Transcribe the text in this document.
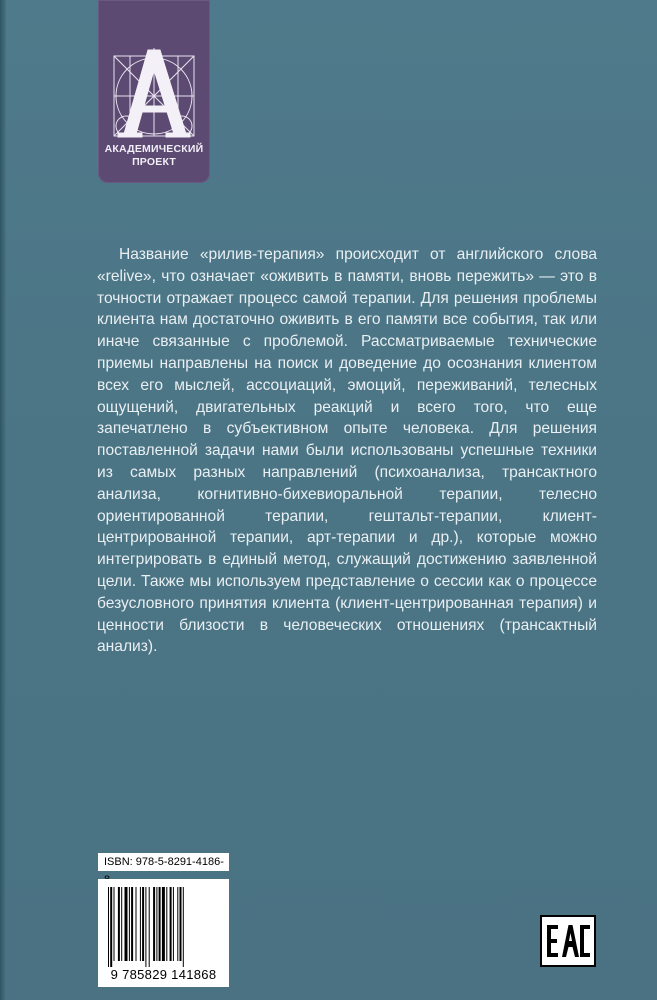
АКАДЕМИЧЕСКИЙ
ПРОЕКТ

Название «рилив-терапия» происходит от английского слова «relive», что означает «оживить в памяти, вновь пережить» — это в точности отражает процесс самой терапии. Для решения проблемы клиента нам достаточно оживить в его памяти все события, так или иначе связанные с проблемой. Рассматриваемые технические приемы направлены на поиск и доведение до осознания клиентом всех его мыслей, ассоциаций, эмоций, переживаний, телесных ощущений, двигательных реакций и всего того, что еще запечатлено в субъективном опыте человека. Для решения поставленной задачи нами были использованы успешные техники из самых разных направлений (психоанализа, трансактного анализа, когнитивно-бихевиоральной терапии, телесно ориентированной терапии, гештальт-терапии, клиент-центрированной терапии, арт-терапии и др.), которые можно интегрировать в единый метод, служащий достижению заявленной цели. Также мы используем представление о сессии как о процессе безусловного принятия клиента (клиент-центрированная терапия) и ценности близости в человеческих отношениях (трансактный анализ).

ISBN: 978-5-8291-4186-
9 785829 141868
